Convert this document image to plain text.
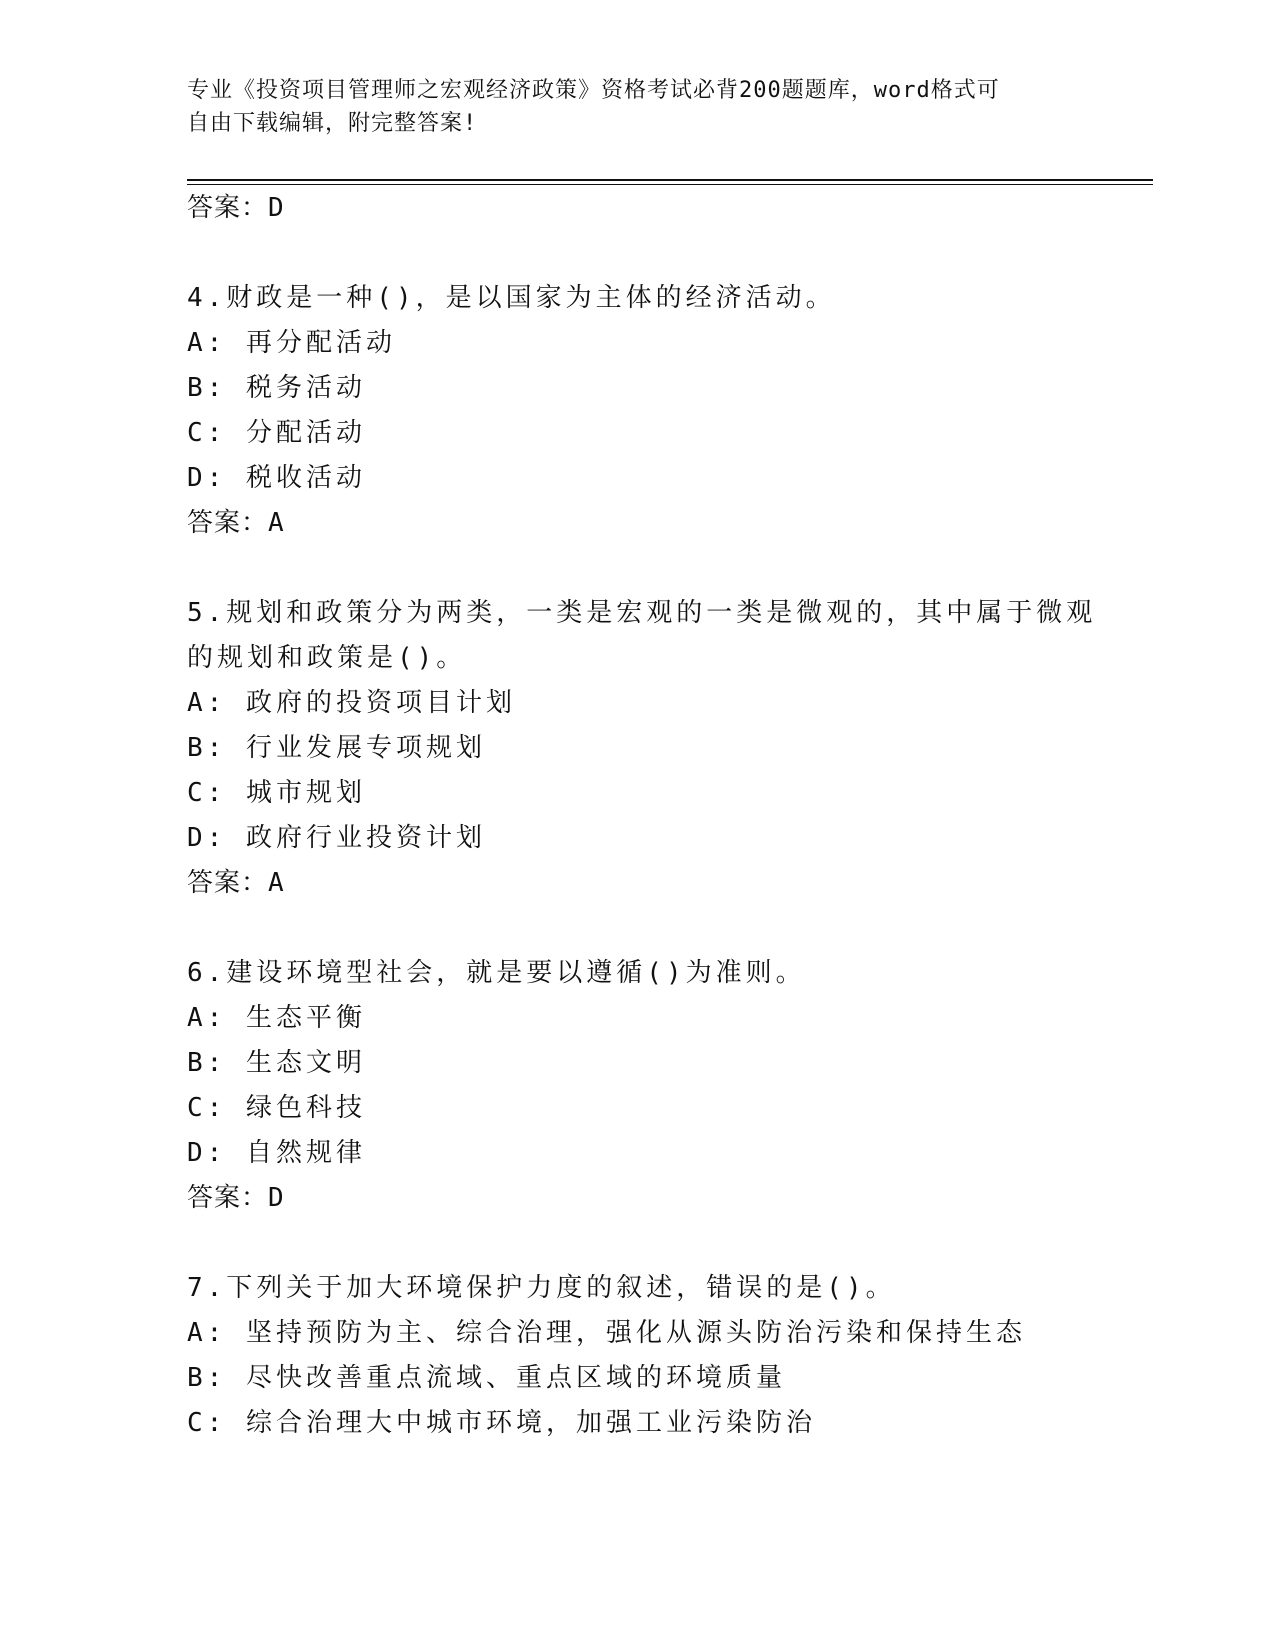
专业《投资项目管理师之宏观经济政策》资格考试必背200题题库，word格式可
自由下载编辑，附完整答案!
答案：D
4.财政是一种()，是以国家为主体的经济活动。
A: 再分配活动
B: 税务活动
C: 分配活动
D: 税收活动
答案：A
5.规划和政策分为两类，一类是宏观的一类是微观的，其中属于微观
的规划和政策是()。
A: 政府的投资项目计划
B: 行业发展专项规划
C: 城市规划
D: 政府行业投资计划
答案：A
6.建设环境型社会，就是要以遵循()为准则。
A: 生态平衡
B: 生态文明
C: 绿色科技
D: 自然规律
答案：D
7.下列关于加大环境保护力度的叙述，错误的是()。
A: 坚持预防为主、综合治理，强化从源头防治污染和保持生态
B: 尽快改善重点流域、重点区域的环境质量
C: 综合治理大中城市环境，加强工业污染防治
